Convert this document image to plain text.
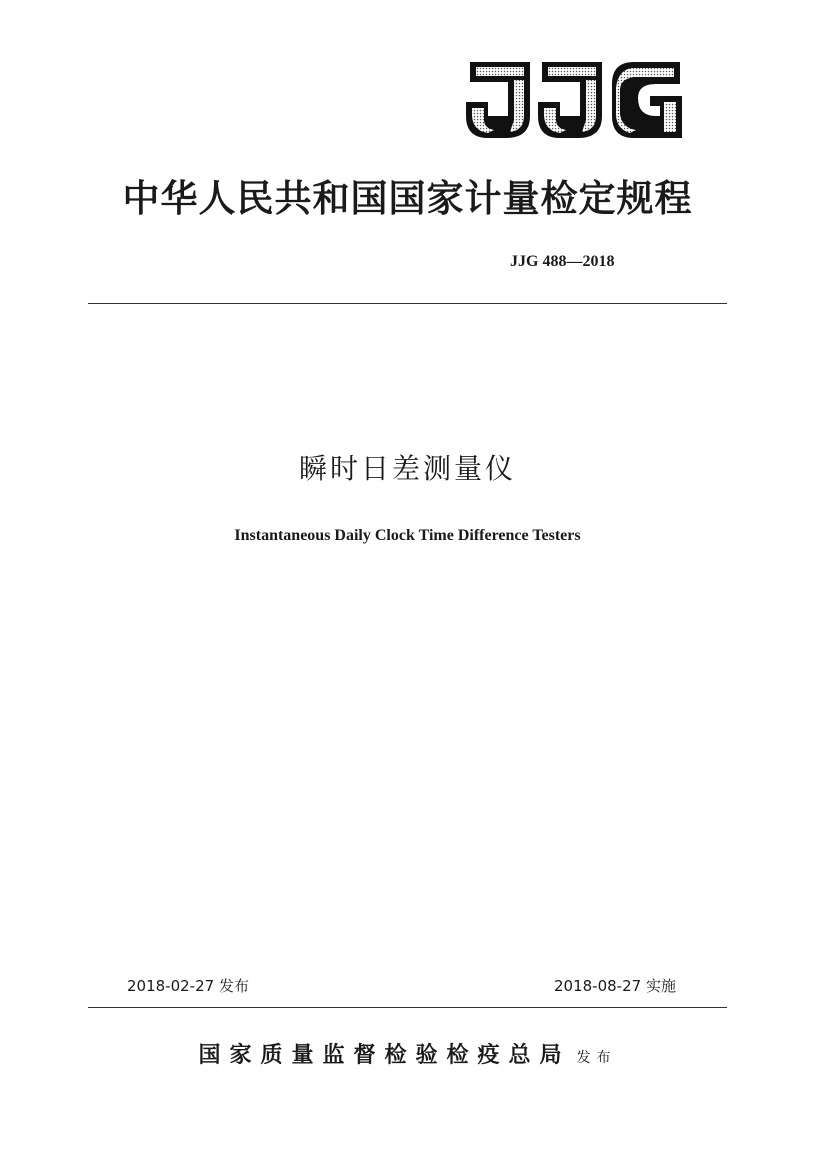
中华人民共和国国家计量检定规程
JJG 488—2018
瞬时日差测量仪
Instantaneous Daily Clock Time Difference Testers
2018-02-27 发布	2018-08-27 实施
国家质量监督检验检疫总局 发布
